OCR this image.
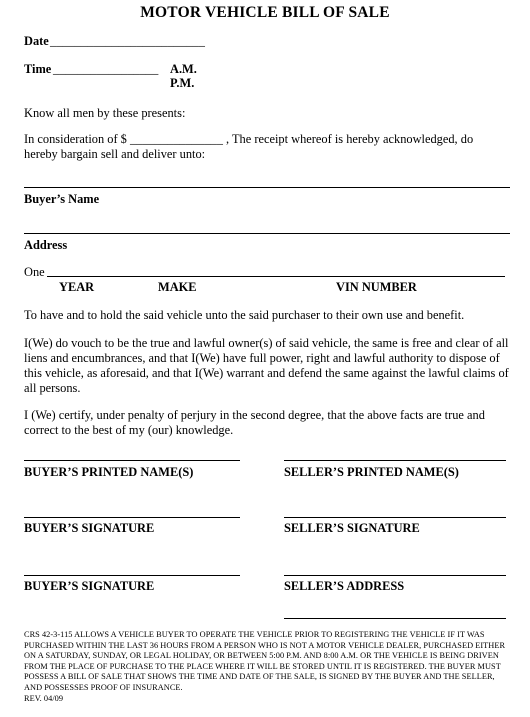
MOTOR VEHICLE BILL OF SALE
Date _________________________
Time _________________ A.M.
P.M.
Know all men by these presents:
In consideration of $ _______________ , The receipt whereof is hereby acknowledged, do hereby bargain sell and deliver unto:
Buyer’s Name
Address
One
YEAR	MAKE	VIN NUMBER
To have and to hold the said vehicle unto the said purchaser to their own use and benefit.
I(We) do vouch to be the true and lawful owner(s) of said vehicle, the same is free and clear of all liens and encumbrances, and that I(We) have full power, right and lawful authority to dispose of this vehicle, as aforesaid, and that I(We) warrant and defend the same against the lawful claims of all persons.
I (We) certify, under penalty of perjury in the second degree, that the above facts are true and correct to the best of my (our) knowledge.
BUYER’S PRINTED NAME(S)	SELLER’S PRINTED NAME(S)
BUYER’S SIGNATURE	SELLER’S SIGNATURE
BUYER’S SIGNATURE	SELLER’S ADDRESS
CRS 42-3-115 ALLOWS A VEHICLE BUYER TO OPERATE THE VEHICLE PRIOR TO REGISTERING THE VEHICLE IF IT WAS PURCHASED WITHIN THE LAST 36 HOURS FROM A PERSON WHO IS NOT A MOTOR VEHICLE DEALER, PURCHASED EITHER ON A SATURDAY, SUNDAY, OR LEGAL HOLIDAY, OR BETWEEN 5:00 P.M. AND 8:00 A.M. OR THE VEHICLE IS BEING DRIVEN FROM THE PLACE OF PURCHASE TO THE PLACE WHERE IT WILL BE STORED UNTIL IT IS REGISTERED. THE BUYER MUST POSSESS A BILL OF SALE THAT SHOWS THE TIME AND DATE OF THE SALE, IS SIGNED BY THE BUYER AND THE SELLER, AND POSSESSES PROOF OF INSURANCE.
REV. 04/09
